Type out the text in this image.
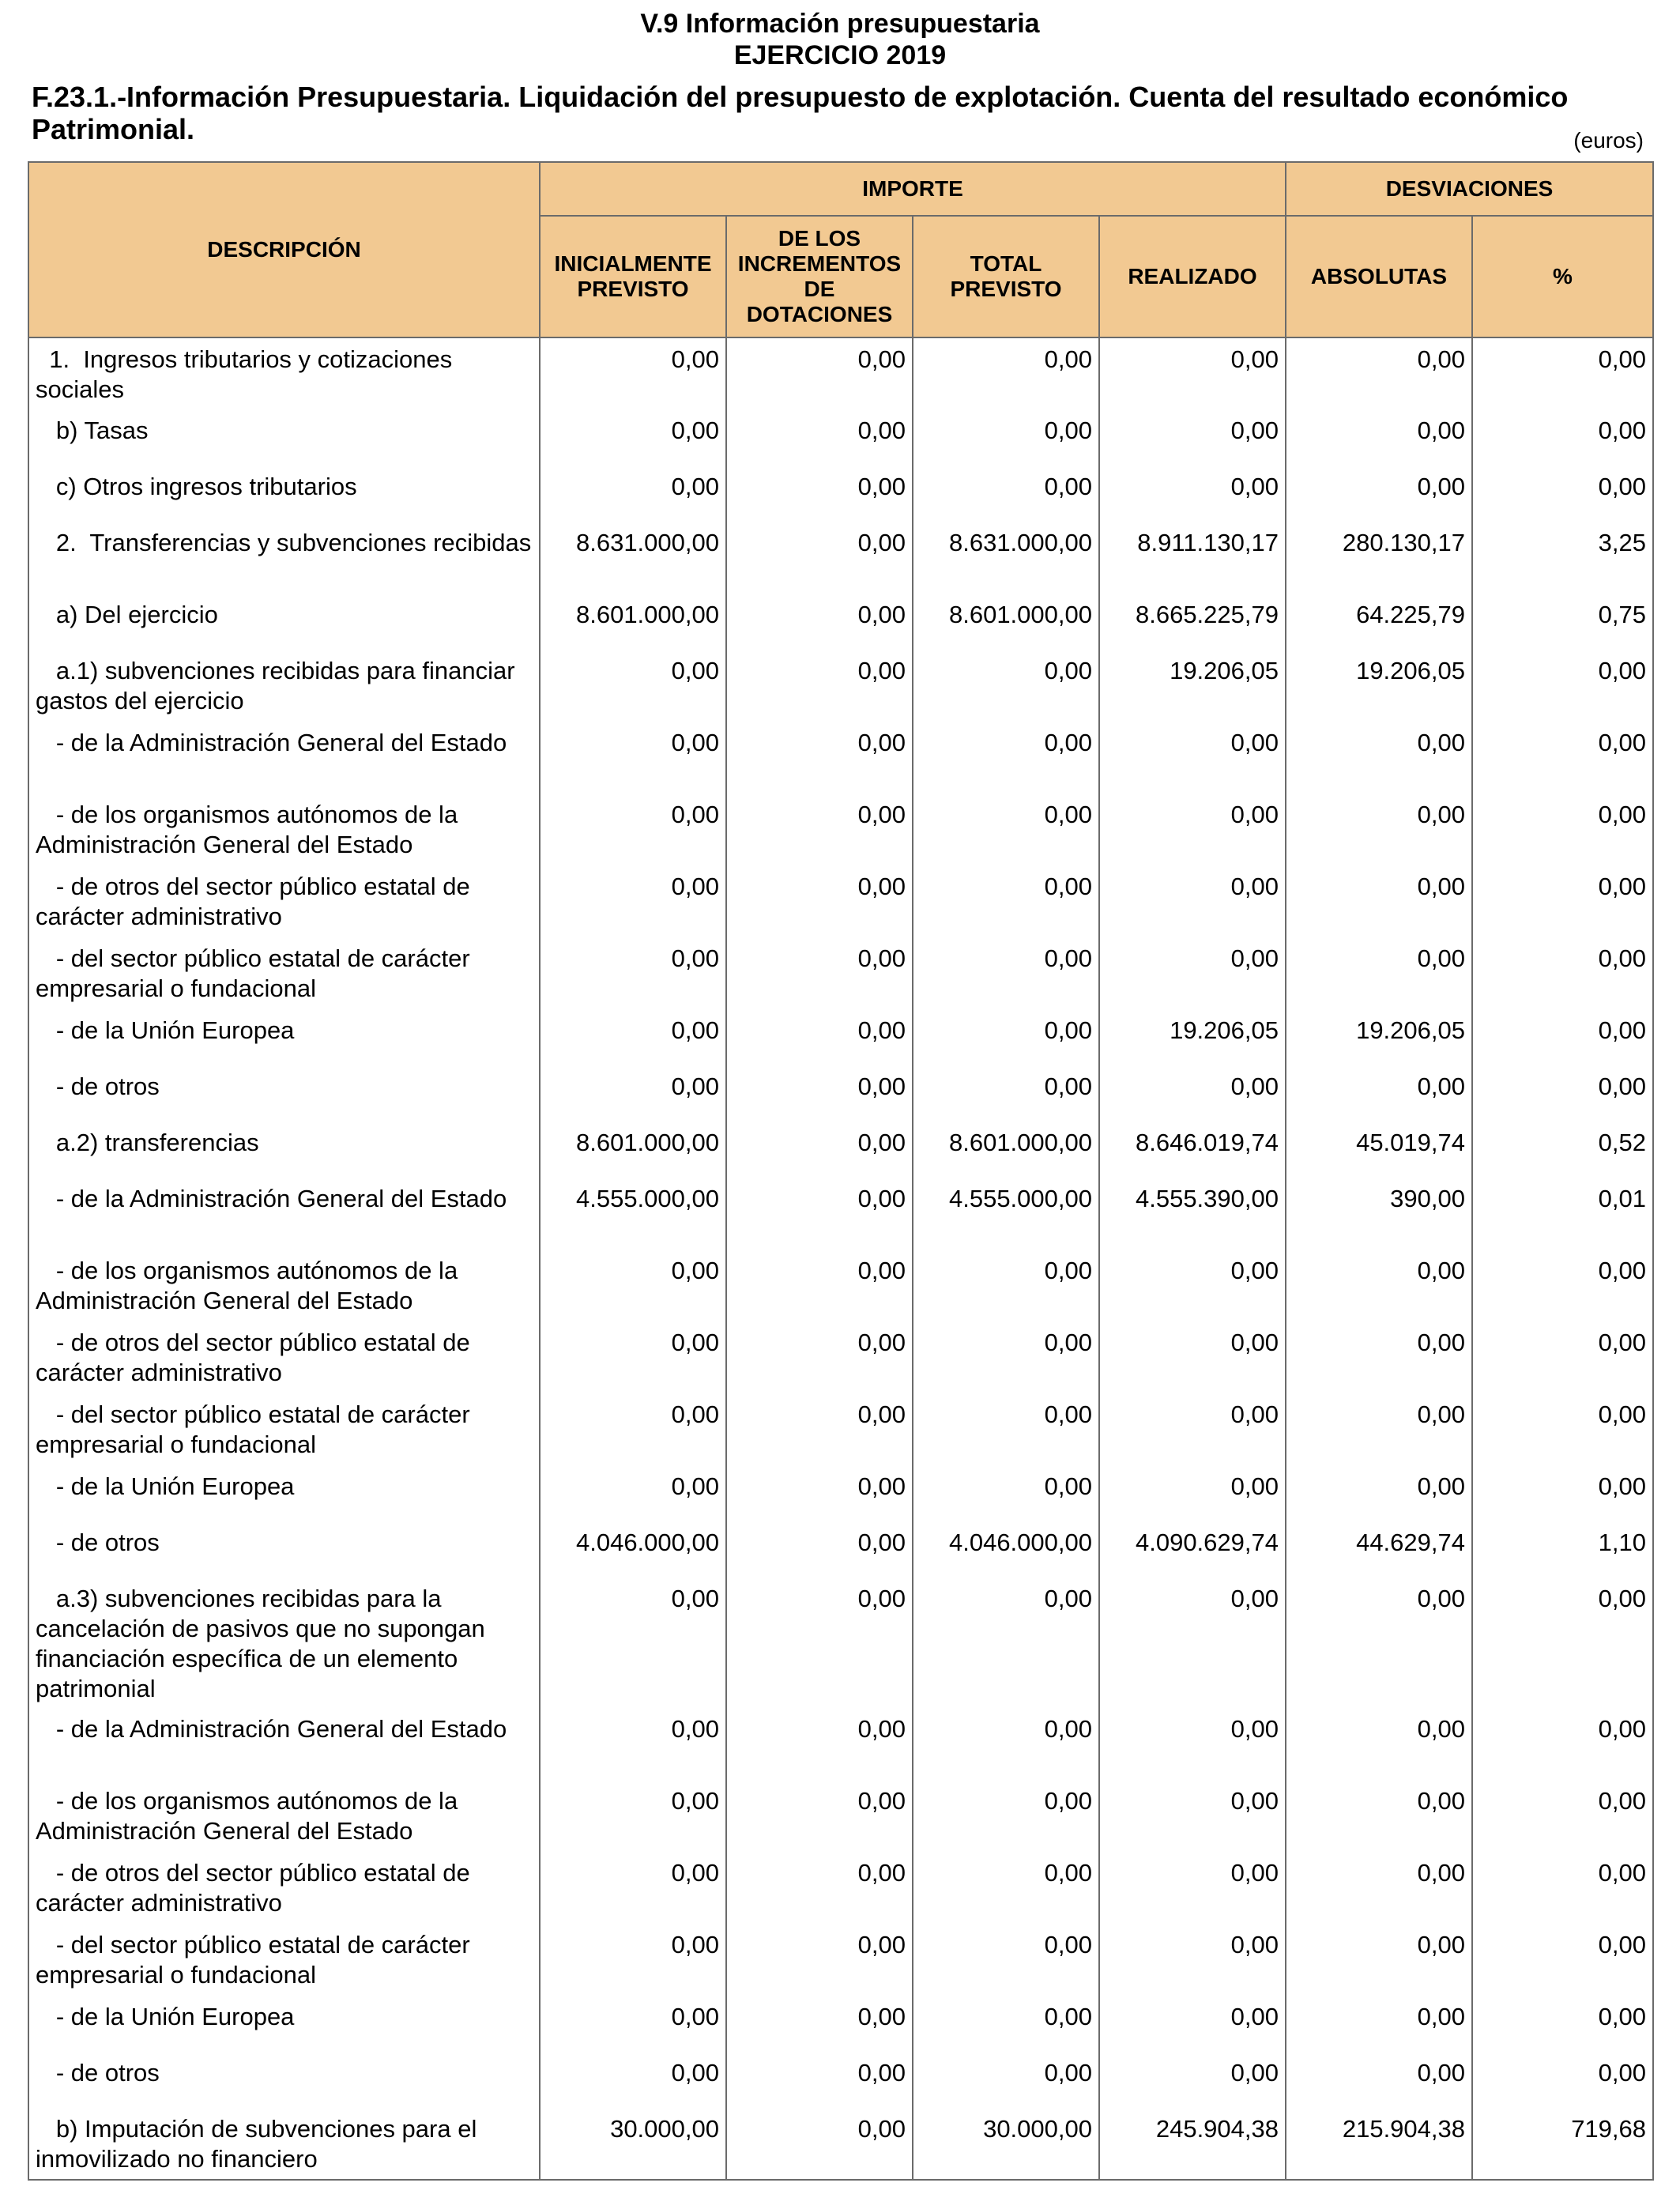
V.9 Información presupuestaria
EJERCICIO 2019
F.23.1.-Información Presupuestaria. Liquidación del presupuesto de explotación. Cuenta del resultado económico Patrimonial.	(euros)
DESCRIPCIÓN	IMPORTE				DESVIACIONES	
	INICIALMENTE PREVISTO	DE LOS INCREMENTOS DE DOTACIONES	TOTAL PREVISTO	REALIZADO	ABSOLUTAS	%
1.  Ingresos tributarios y cotizaciones sociales	0,00	0,00	0,00	0,00	0,00	0,00
b) Tasas	0,00	0,00	0,00	0,00	0,00	0,00
c) Otros ingresos tributarios	0,00	0,00	0,00	0,00	0,00	0,00
2.  Transferencias y subvenciones recibidas	8.631.000,00	0,00	8.631.000,00	8.911.130,17	280.130,17	3,25
a) Del ejercicio	8.601.000,00	0,00	8.601.000,00	8.665.225,79	64.225,79	0,75
a.1) subvenciones recibidas para financiar gastos del ejercicio	0,00	0,00	0,00	19.206,05	19.206,05	0,00
- de la Administración General del Estado	0,00	0,00	0,00	0,00	0,00	0,00
- de los organismos autónomos de la Administración General del Estado	0,00	0,00	0,00	0,00	0,00	0,00
- de otros del sector público estatal de carácter administrativo	0,00	0,00	0,00	0,00	0,00	0,00
- del sector público estatal de carácter empresarial o fundacional	0,00	0,00	0,00	0,00	0,00	0,00
- de la Unión Europea	0,00	0,00	0,00	19.206,05	19.206,05	0,00
- de otros	0,00	0,00	0,00	0,00	0,00	0,00
a.2) transferencias	8.601.000,00	0,00	8.601.000,00	8.646.019,74	45.019,74	0,52
- de la Administración General del Estado	4.555.000,00	0,00	4.555.000,00	4.555.390,00	390,00	0,01
- de los organismos autónomos de la Administración General del Estado	0,00	0,00	0,00	0,00	0,00	0,00
- de otros del sector público estatal de carácter administrativo	0,00	0,00	0,00	0,00	0,00	0,00
- del sector público estatal de carácter empresarial o fundacional	0,00	0,00	0,00	0,00	0,00	0,00
- de la Unión Europea	0,00	0,00	0,00	0,00	0,00	0,00
- de otros	4.046.000,00	0,00	4.046.000,00	4.090.629,74	44.629,74	1,10
a.3) subvenciones recibidas para la cancelación de pasivos que no supongan financiación específica de un elemento patrimonial	0,00	0,00	0,00	0,00	0,00	0,00
- de la Administración General del Estado	0,00	0,00	0,00	0,00	0,00	0,00
- de los organismos autónomos de la Administración General del Estado	0,00	0,00	0,00	0,00	0,00	0,00
- de otros del sector público estatal de carácter administrativo	0,00	0,00	0,00	0,00	0,00	0,00
- del sector público estatal de carácter empresarial o fundacional	0,00	0,00	0,00	0,00	0,00	0,00
- de la Unión Europea	0,00	0,00	0,00	0,00	0,00	0,00
- de otros	0,00	0,00	0,00	0,00	0,00	0,00
b) Imputación de subvenciones para el inmovilizado no financiero	30.000,00	0,00	30.000,00	245.904,38	215.904,38	719,68
